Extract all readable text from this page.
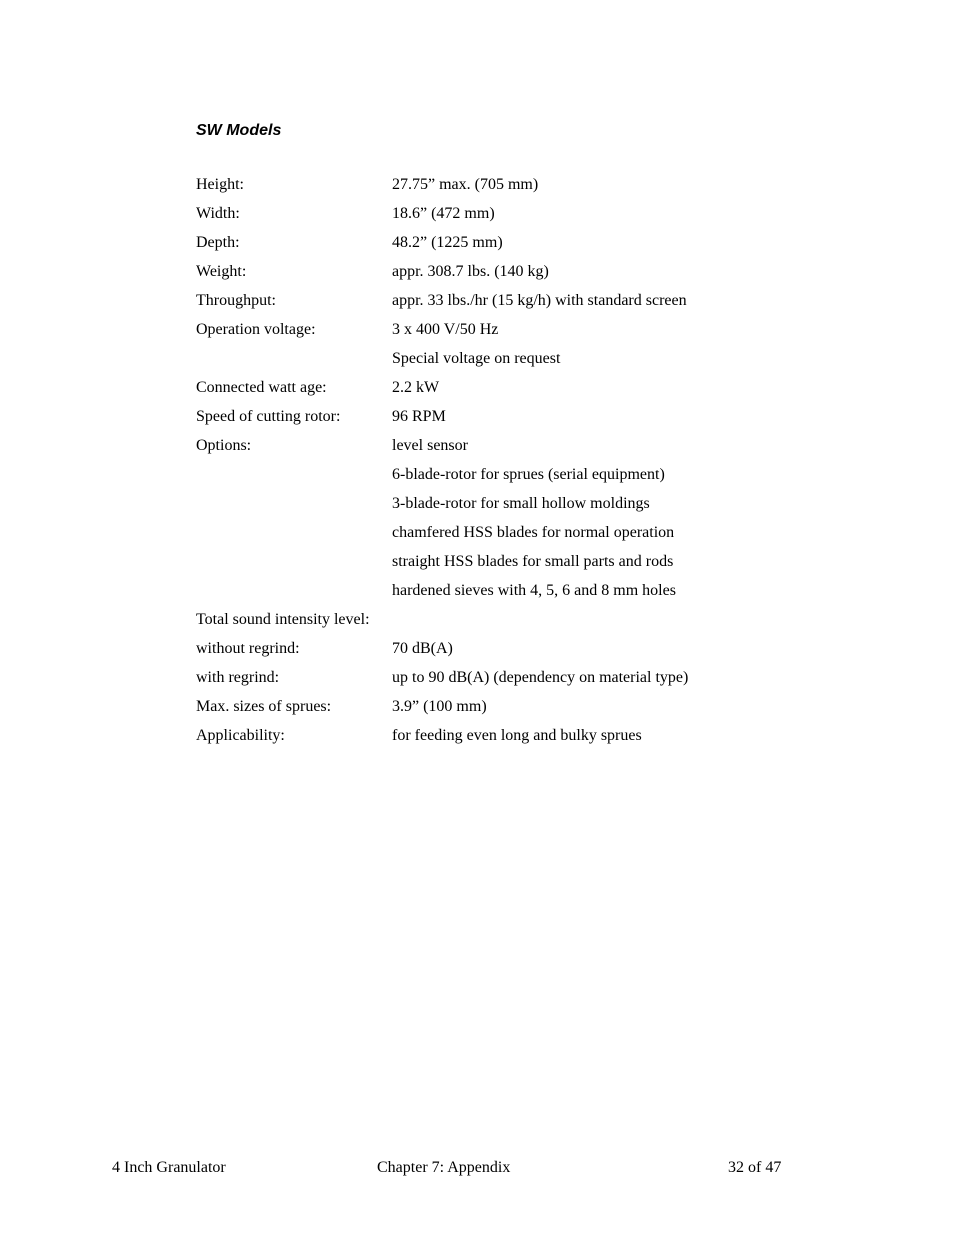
SW Models
Height:	27.75” max. (705 mm)
Width:	18.6” (472 mm)
Depth:	48.2” (1225 mm)
Weight:	appr. 308.7 lbs. (140 kg)
Throughput:	appr. 33 lbs./hr (15 kg/h) with standard screen
Operation voltage:	3 x 400 V/50 Hz
Special voltage on request
Connected watt age:	2.2 kW
Speed of cutting rotor:	96 RPM
Options:	level sensor
6-blade-rotor for sprues (serial equipment)
3-blade-rotor for small hollow moldings
chamfered HSS blades for normal operation
straight HSS blades for small parts and rods
hardened sieves with 4, 5, 6 and 8 mm holes
Total sound intensity level:
without regrind:	70 dB(A)
with regrind:	up to 90 dB(A) (dependency on material type)
Max. sizes of sprues:	3.9” (100 mm)
Applicability:	for feeding even long and bulky sprues
4 Inch Granulator	Chapter 7: Appendix	32 of 47
